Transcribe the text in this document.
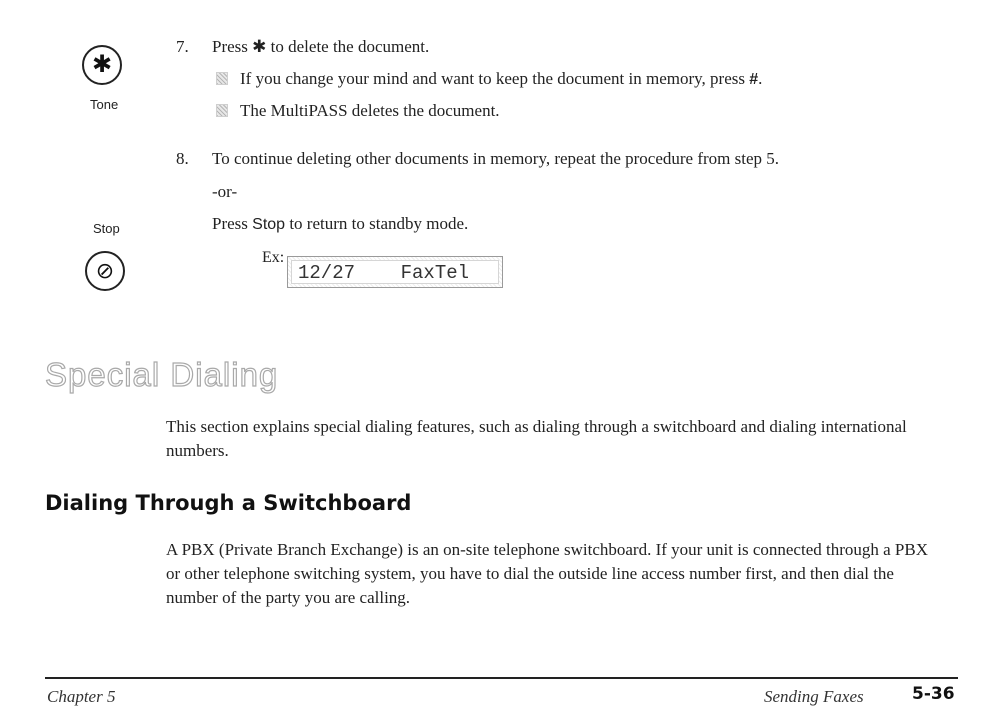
✱
Tone
7. Press ✱ to delete the document.
If you change your mind and want to keep the document in memory, press #.
The MultiPASS deletes the document.
8. To continue deleting other documents in memory, repeat the procedure from step 5.
-or-
Press Stop to return to standby mode.
Stop
⊘
Ex:
12/27    FaxTel
Special Dialing
This section explains special dialing features, such as dialing through a switchboard and dialing international numbers.
Dialing Through a Switchboard
A PBX (Private Branch Exchange) is an on-site telephone switchboard. If your unit is connected through a PBX or other telephone switching system, you have to dial the outside line access number first, and then dial the number of the party you are calling.
Chapter 5	Sending Faxes	5-36
